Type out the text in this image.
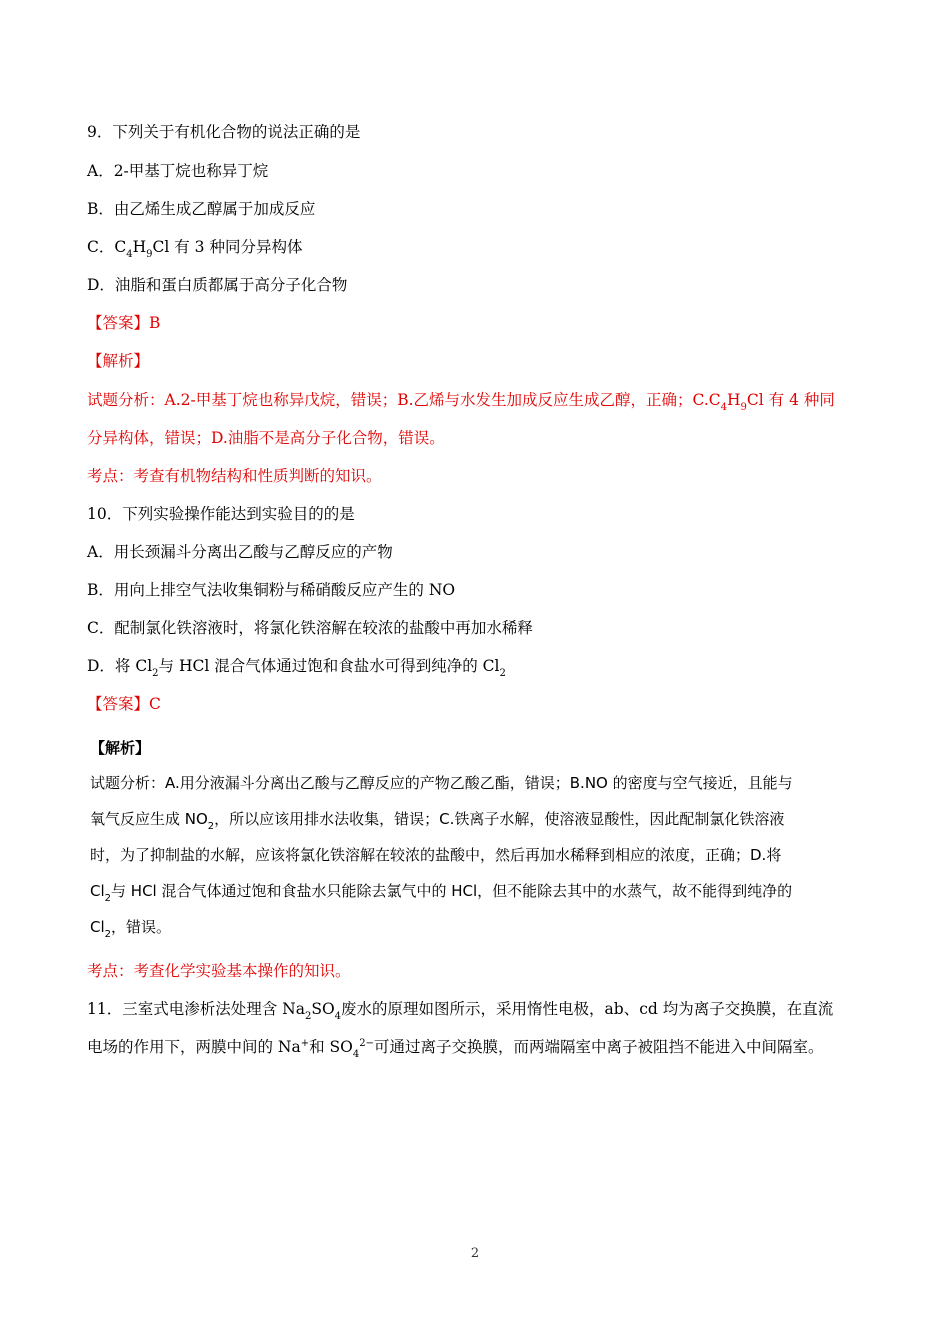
9．下列关于有机化合物的说法正确的是
A．2-甲基丁烷也称异丁烷
B．由乙烯生成乙醇属于加成反应
C．$C_4H_9Cl$ 有 3 种同分异构体
D．油脂和蛋白质都属于高分子化合物
【答案】B
【解析】
试题分析：A.2-甲基丁烷也称异戊烷，错误；B.乙烯与水发生加成反应生成乙醇，正确；$C.C_4H_9Cl$ 有 4 种同
分异构体，错误；D.油脂不是高分子化合物，错误。
考点：考查有机物结构和性质判断的知识。
10．下列实验操作能达到实验目的的是
A．用长颈漏斗分离出乙酸与乙醇反应的产物
B．用向上排空气法收集铜粉与稀硝酸反应产生的 NO
C．配制氯化铁溶液时，将氯化铁溶解在较浓的盐酸中再加水稀释
D．将 $Cl_2$与 HCl 混合气体通过饱和食盐水可得到纯净的 $Cl_2$
【答案】C
【解析】
试题分析：A.用分液漏斗分离出乙酸与乙醇反应的产物乙酸乙酯，错误；B.NO 的密度与空气接近，且能与
氧气反应生成 $NO_2$，所以应该用排水法收集，错误；C.铁离子水解，使溶液显酸性，因此配制氯化铁溶液
时，为了抑制盐的水解，应该将氯化铁溶解在较浓的盐酸中，然后再加水稀释到相应的浓度，正确；D.将
$Cl_2$与 HCl 混合气体通过饱和食盐水只能除去氯气中的 HCl，但不能除去其中的水蒸气，故不能得到纯净的
$Cl_2$，错误。
考点：考查化学实验基本操作的知识。
11．三室式电渗析法处理含 $Na_2SO_4$废水的原理如图所示，采用惰性电极，ab、cd 均为离子交换膜，在直流
电场的作用下，两膜中间的 Na+和 $SO_4^{2-}$可通过离子交换膜，而两端隔室中离子被阻挡不能进入中间隔室。
2
